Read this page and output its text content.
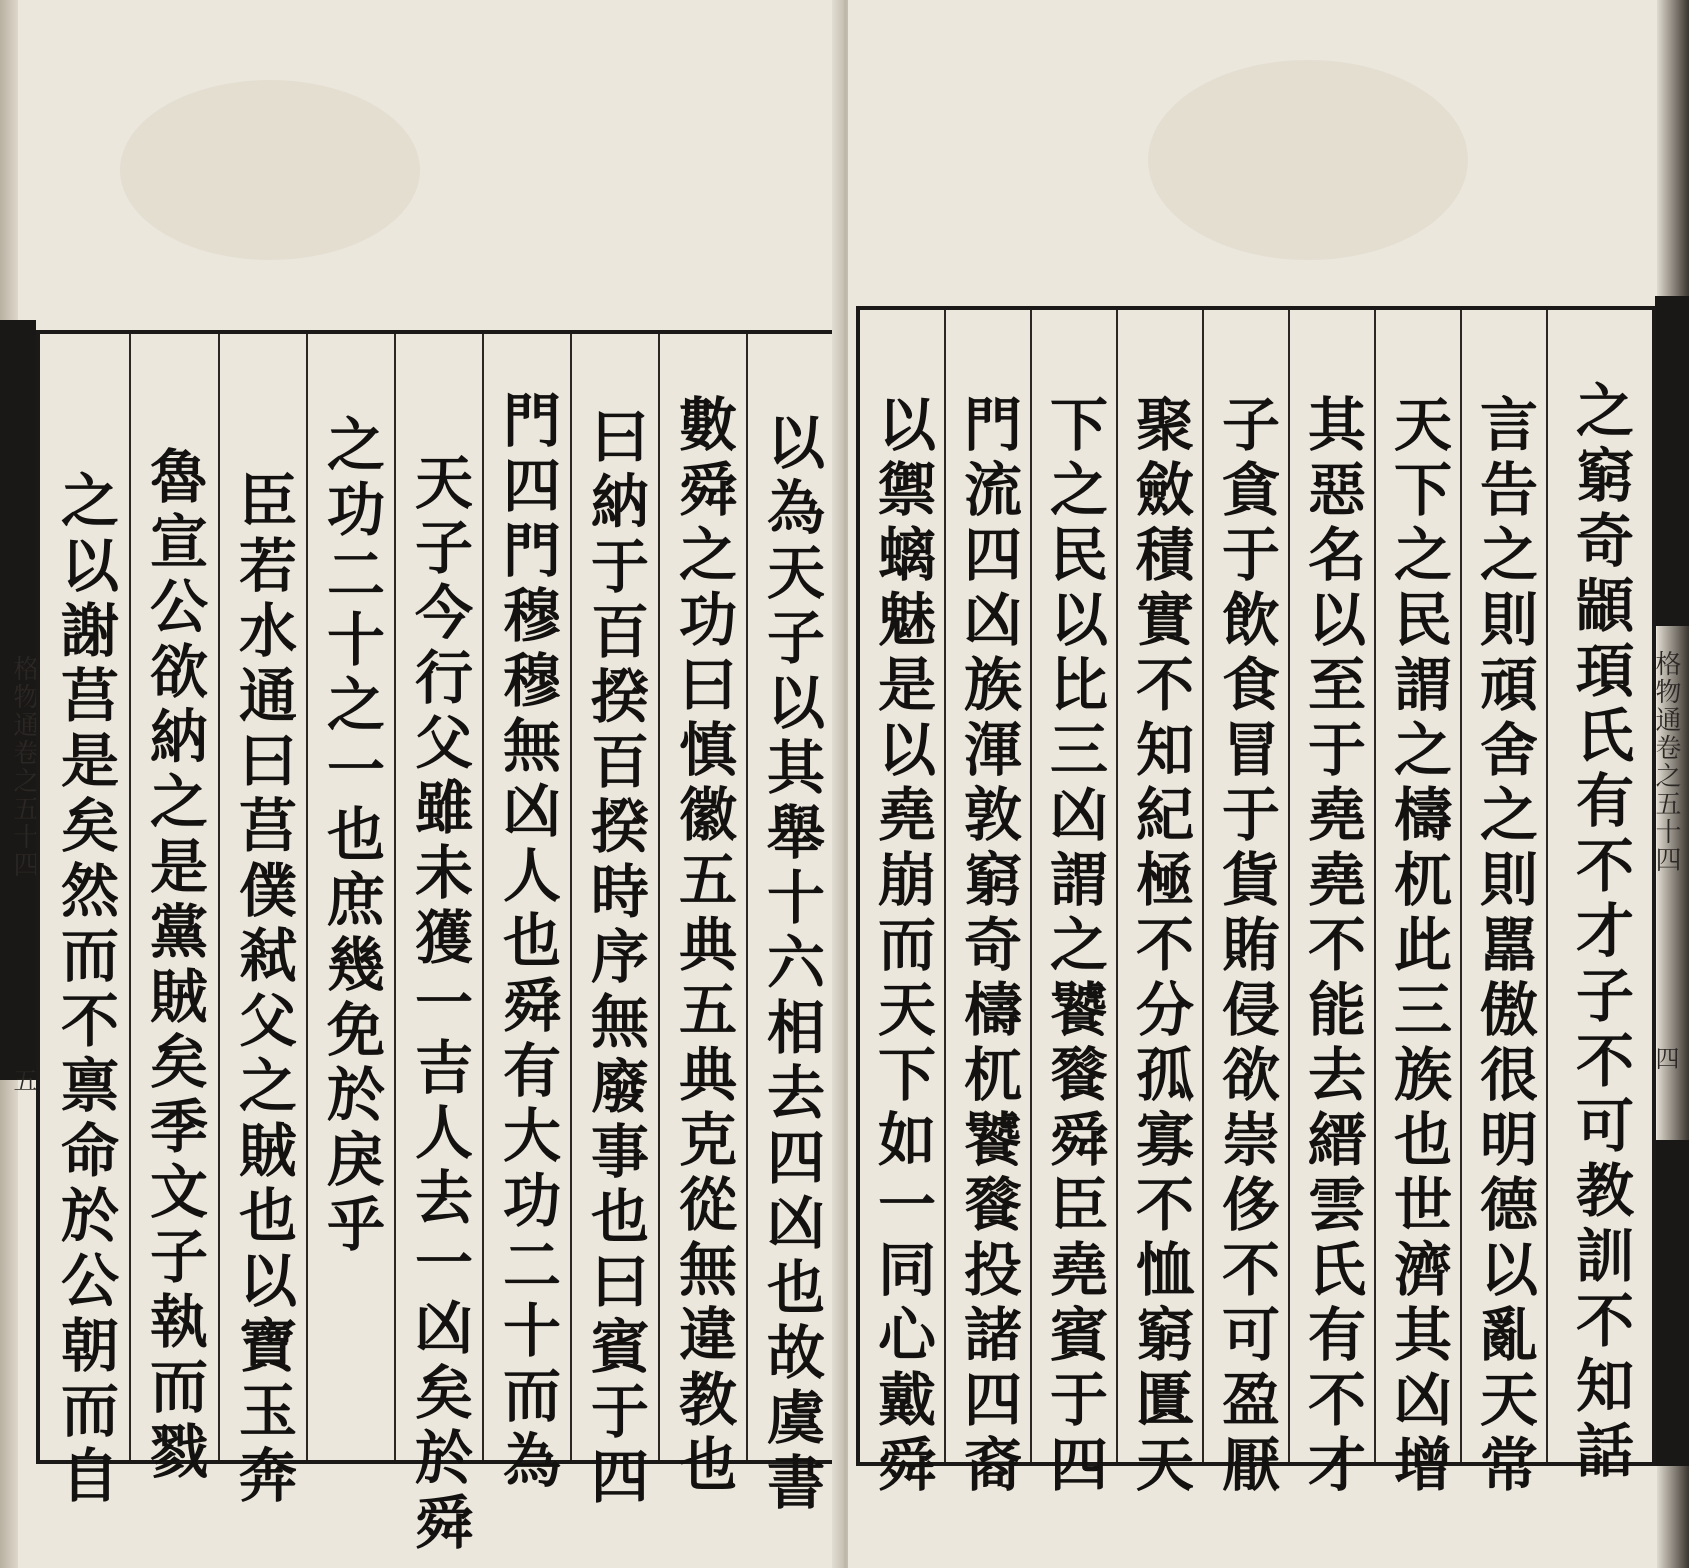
格物通卷之五十四
五	以為天子以其舉十六相去四凶也故虞書
數舜之功曰慎徽五典五典克從無違教也
曰納于百揆百揆時序無廢事也曰賓于四
門四門穆穆無凶人也舜有大功二十而為
天子今行父雖未獲一吉人去一凶矣於舜
之功二十之一也庶幾免於戾乎
臣若水通曰莒僕弒父之賊也以寶玉奔
魯宣公欲納之是黨賊矣季文子執而戮
之以謝莒是矣然而不禀命於公朝而自	格物通卷之五十四
四
之窮奇顓頊氏有不才子不可教訓不知話
言告之則頑舍之則嚚傲很明德以亂天常
天下之民謂之檮杌此三族也世濟其凶增
其惡名以至于堯堯不能去縉雲氏有不才
子貪于飲食冒于貨賄侵欲崇侈不可盈厭
聚斂積實不知紀極不分孤寡不恤窮匱天
下之民以比三凶謂之饕餮舜臣堯賓于四
門流四凶族渾敦窮奇檮杌饕餮投諸四裔
以禦螭魅是以堯崩而天下如一同心戴舜
